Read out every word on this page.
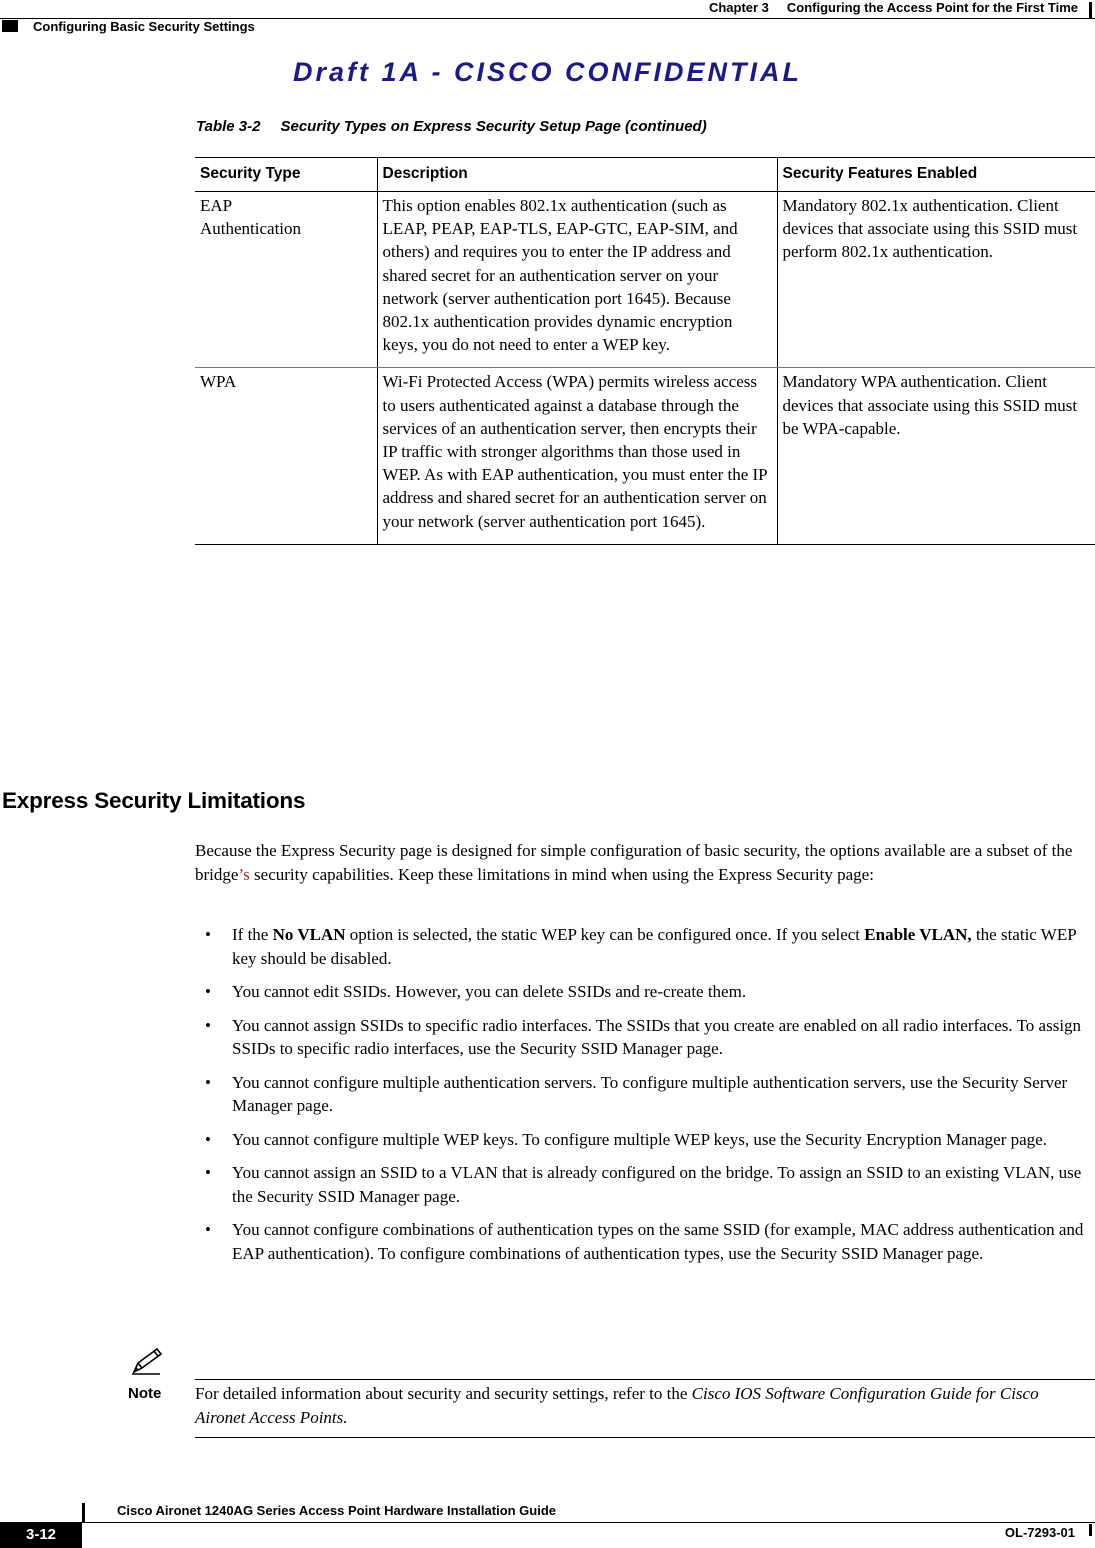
Chapter 3 Configuring the Access Point for the First Time
Configuring Basic Security Settings
Draft 1A - CISCO CONFIDENTIAL
Table 3-2 Security Types on Express Security Setup Page (continued)
Security Type	Description	Security Features Enabled

EAP
Authentication	This option enables 802.1x authentication (such as LEAP, PEAP, EAP-TLS, EAP-GTC, EAP-SIM, and others) and requires you to enter the IP address and shared secret for an authentication server on your network (server authentication port 1645). Because 802.1x authentication provides dynamic encryption keys, you do not need to enter a WEP key.	Mandatory 802.1x authentication. Client devices that associate using this SSID must perform 802.1x authentication.

WPA	Wi-Fi Protected Access (WPA) permits wireless access to users authenticated against a database through the services of an authentication server, then encrypts their IP traffic with stronger algorithms than those used in WEP. As with EAP authentication, you must enter the IP address and shared secret for an authentication server on your network (server authentication port 1645).	Mandatory WPA authentication. Client devices that associate using this SSID must be WPA-capable.
Express Security Limitations
Because the Express Security page is designed for simple configuration of basic security, the options available are a subset of the bridge’s security capabilities. Keep these limitations in mind when using the Express Security page:
• If the No VLAN option is selected, the static WEP key can be configured once. If you select Enable VLAN, the static WEP key should be disabled.
• You cannot edit SSIDs. However, you can delete SSIDs and re-create them.
• You cannot assign SSIDs to specific radio interfaces. The SSIDs that you create are enabled on all radio interfaces. To assign SSIDs to specific radio interfaces, use the Security SSID Manager page.
• You cannot configure multiple authentication servers. To configure multiple authentication servers, use the Security Server Manager page.
• You cannot configure multiple WEP keys. To configure multiple WEP keys, use the Security Encryption Manager page.
• You cannot assign an SSID to a VLAN that is already configured on the bridge. To assign an SSID to an existing VLAN, use the Security SSID Manager page.
• You cannot configure combinations of authentication types on the same SSID (for example, MAC address authentication and EAP authentication). To configure combinations of authentication types, use the Security SSID Manager page.
Note For detailed information about security and security settings, refer to the Cisco IOS Software Configuration Guide for Cisco Aironet Access Points.
Cisco Aironet 1240AG Series Access Point Hardware Installation Guide
3-12	OL-7293-01
